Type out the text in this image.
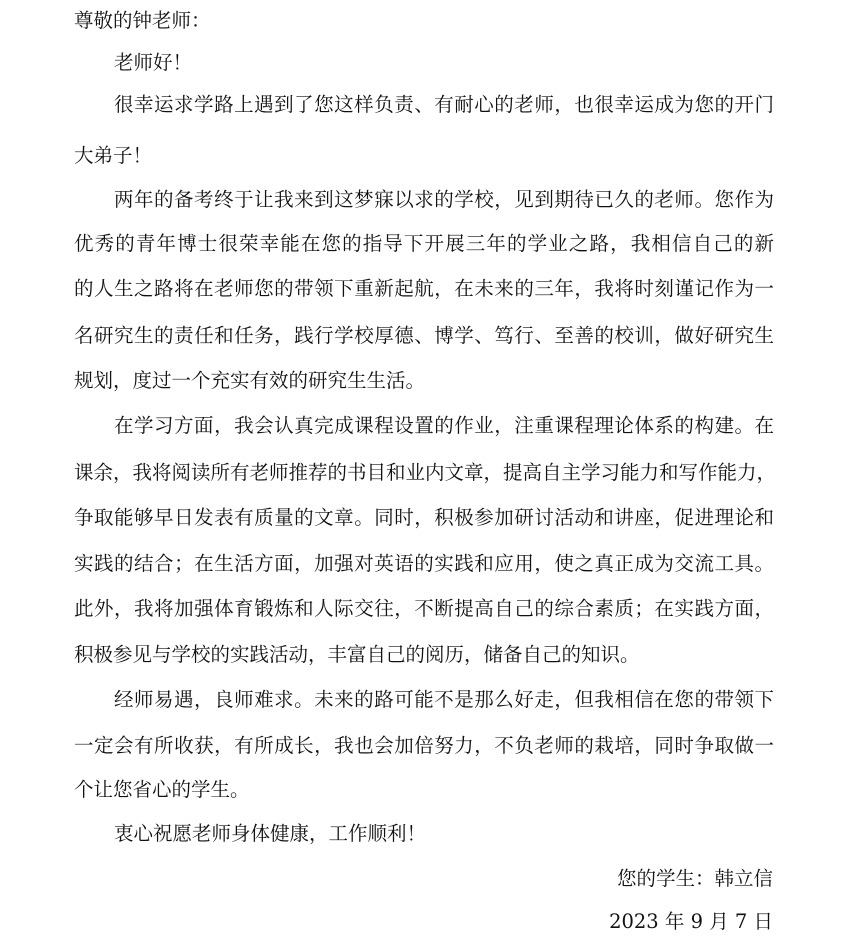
尊敬的钟老师：

老师好！

很幸运求学路上遇到了您这样负责、有耐心的老师，也很幸运成为您的开门

大弟子！

两年的备考终于让我来到这梦寐以求的学校，见到期待已久的老师。您作为

优秀的青年博士很荣幸能在您的指导下开展三年的学业之路，我相信自己的新

的人生之路将在老师您的带领下重新起航，在未来的三年，我将时刻谨记作为一

名研究生的责任和任务，践行学校厚德、博学、笃行、至善的校训，做好研究生

规划，度过一个充实有效的研究生生活。

在学习方面，我会认真完成课程设置的作业，注重课程理论体系的构建。在

课余，我将阅读所有老师推荐的书目和业内文章，提高自主学习能力和写作能力，

争取能够早日发表有质量的文章。同时，积极参加研讨活动和讲座，促进理论和

实践的结合；在生活方面，加强对英语的实践和应用，使之真正成为交流工具。

此外，我将加强体育锻炼和人际交往，不断提高自己的综合素质；在实践方面，

积极参见与学校的实践活动，丰富自己的阅历，储备自己的知识。

经师易遇，良师难求。未来的路可能不是那么好走，但我相信在您的带领下

一定会有所收获，有所成长，我也会加倍努力，不负老师的栽培，同时争取做一

个让您省心的学生。

衷心祝愿老师身体健康，工作顺利！

您的学生：韩立信

2023 年 9 月 7 日
